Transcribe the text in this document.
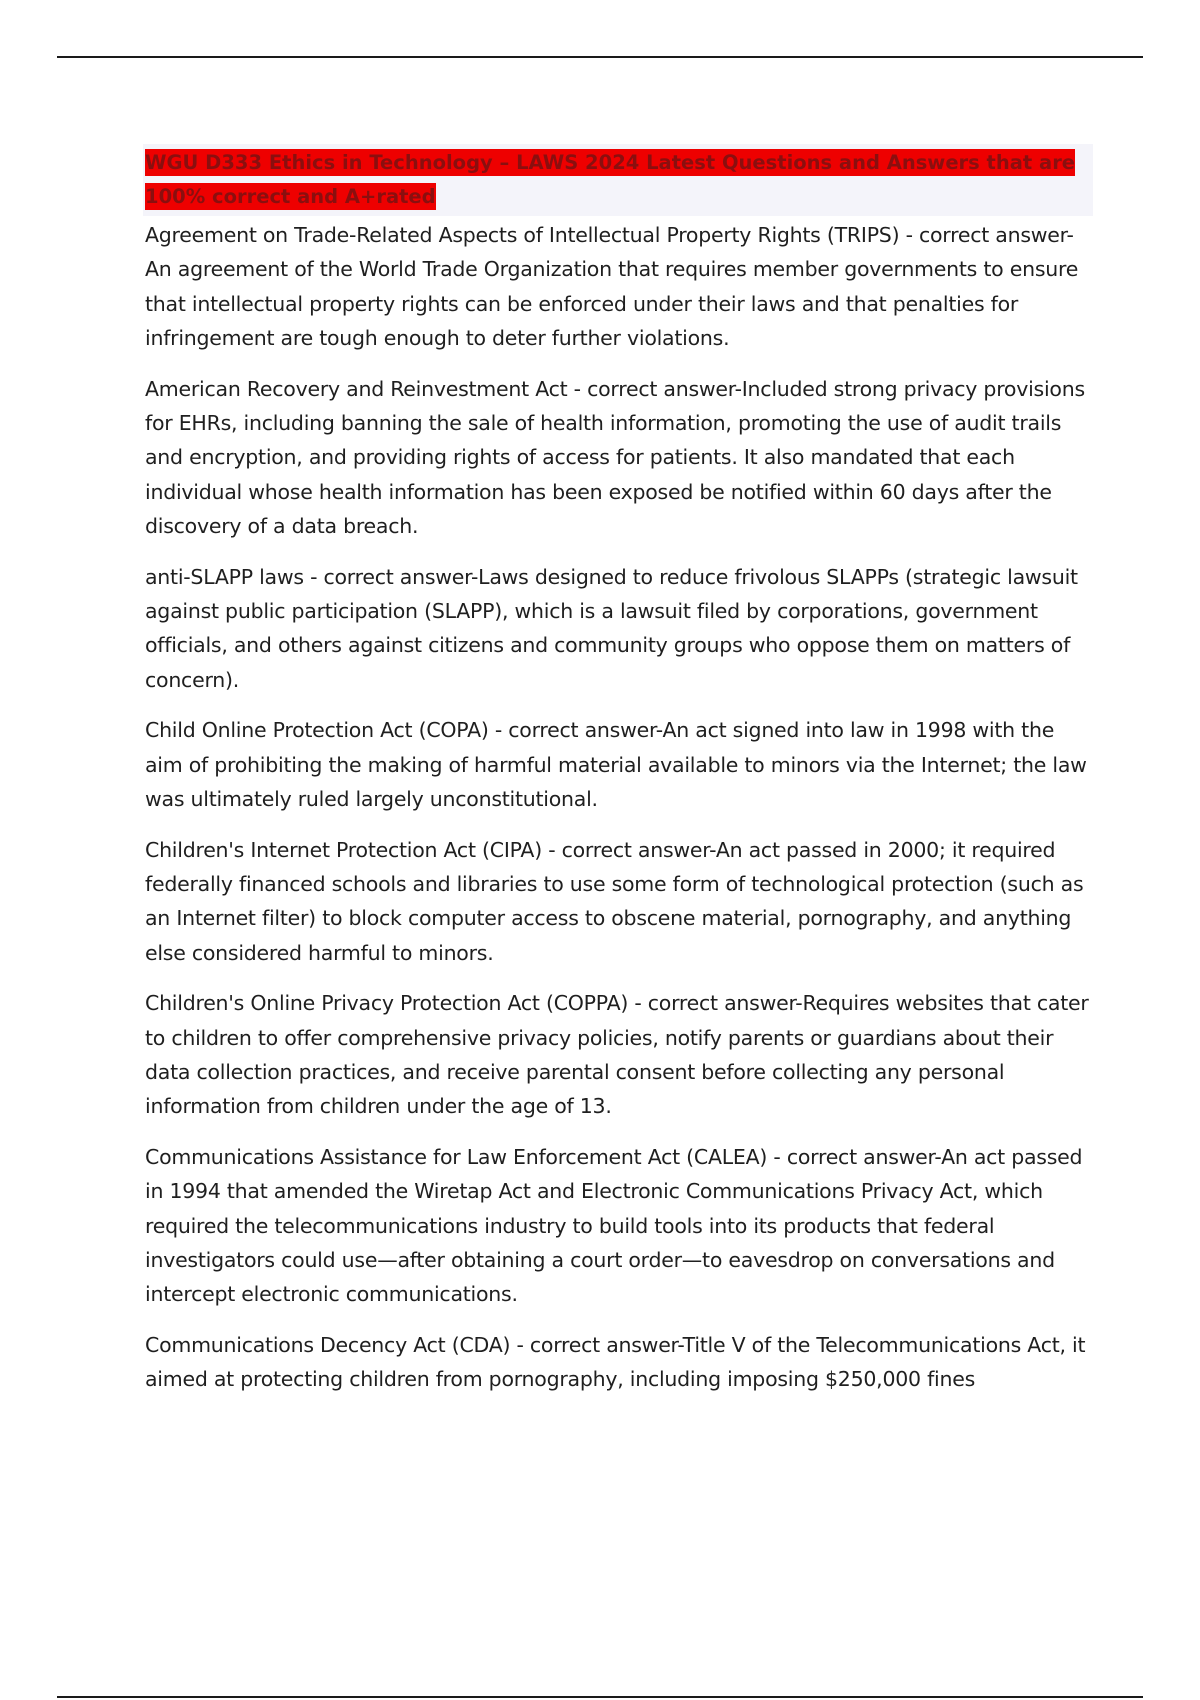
WGU D333 Ethics in Technology – LAWS 2024 Latest Questions and Answers that are 100% correct and A+rated

Agreement on Trade-Related Aspects of Intellectual Property Rights (TRIPS) - correct answer-An agreement of the World Trade Organization that requires member governments to ensure that intellectual property rights can be enforced under their laws and that penalties for infringement are tough enough to deter further violations.

American Recovery and Reinvestment Act - correct answer-Included strong privacy provisions for EHRs, including banning the sale of health information, promoting the use of audit trails and encryption, and providing rights of access for patients. It also mandated that each individual whose health information has been exposed be notified within 60 days after the discovery of a data breach.

anti-SLAPP laws - correct answer-Laws designed to reduce frivolous SLAPPs (strategic lawsuit against public participation (SLAPP), which is a lawsuit filed by corporations, government officials, and others against citizens and community groups who oppose them on matters of concern).

Child Online Protection Act (COPA) - correct answer-An act signed into law in 1998 with the aim of prohibiting the making of harmful material available to minors via the Internet; the law was ultimately ruled largely unconstitutional.

Children's Internet Protection Act (CIPA) - correct answer-An act passed in 2000; it required federally financed schools and libraries to use some form of technological protection (such as an Internet filter) to block computer access to obscene material, pornography, and anything else considered harmful to minors.

Children's Online Privacy Protection Act (COPPA) - correct answer-Requires websites that cater to children to offer comprehensive privacy policies, notify parents or guardians about their data collection practices, and receive parental consent before collecting any personal information from children under the age of 13.

Communications Assistance for Law Enforcement Act (CALEA) - correct answer-An act passed in 1994 that amended the Wiretap Act and Electronic Communications Privacy Act, which required the telecommunications industry to build tools into its products that federal investigators could use—after obtaining a court order—to eavesdrop on conversations and intercept electronic communications.

Communications Decency Act (CDA) - correct answer-Title V of the Telecommunications Act, it aimed at protecting children from pornography, including imposing $250,000 fines
